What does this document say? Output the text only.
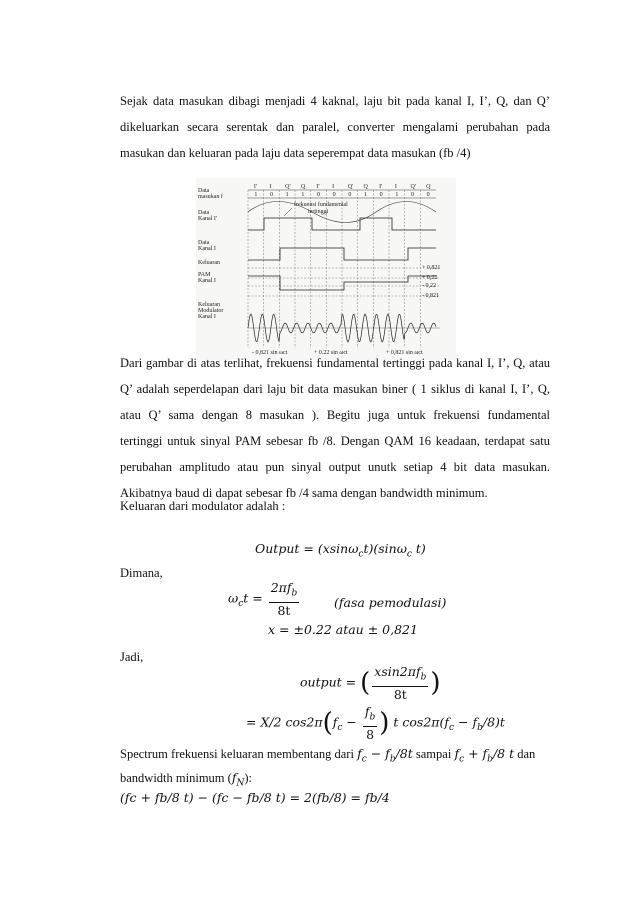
Sejak data masukan dibagi menjadi 4 kaknal, laju bit pada kanal I, I’, Q, dan Q’
dikeluarkan secara serentak dan paralel, converter mengalami perubahan pada
masukan dan keluaran pada laju data seperempat data masukan (fb /4)
I' I Q' Q I' I Q' Q I' I Q' Q
1 0 1 1 0 0 0 1 0 1 0 0
Data
masukan f
Data
Kanal I'
Data
Kanal I
Keluaran
PAM
Kanal I
Keluaran
Modulator
Kanal I
+ 0,821
+ 0,22
- 0,22
- 0,821
- 0,821 sin ωct	+ 0.22 sin ωct	+ 0,821 sin ωct
frekuensi fundamental
tertinggi
Dari gambar di atas terlihat, frekuensi fundamental tertinggi pada kanal I, I’, Q, atau
Q’ adalah seperdelapan dari laju bit data masukan biner ( 1 siklus di kanal I, I’, Q,
atau Q’ sama dengan 8 masukan ). Begitu juga untuk frekuensi fundamental
tertinggi untuk sinyal PAM sebesar fb /8. Dengan QAM 16 keadaan, terdapat satu
perubahan amplitudo atau pun sinyal output unutk setiap 4 bit data masukan.
Akibatnya baud di dapat sebesar fb /4 sama dengan bandwidth minimum.

Keluaran dari modulator adalah :

Output = (xsinω$_c$t)(sinω$_c$ t)

Dimana,

$\omega_ct = \frac{2\pi f_b}{8t}$	(fasa pemodulasi)
x = ±0.22 atau ± 0,821

Jadi,

output = ( $\frac{xsin2\pi f_b}{8t}$ )
= X/2 $\cos 2\pi(f_c - \frac{f_b}{8}$ ) t $\cos 2\pi(f_c - f_b/8)t$
Spectrum frekuensi keluaran membentang dari $f_c - f_b/8t$ sampai $f_c + f_b/8$ t dan
bandwidth minimum $(f_N)$:
(fc + fb/8 t) − (fc − fb/8 t) = 2(fb/8) = fb/4
